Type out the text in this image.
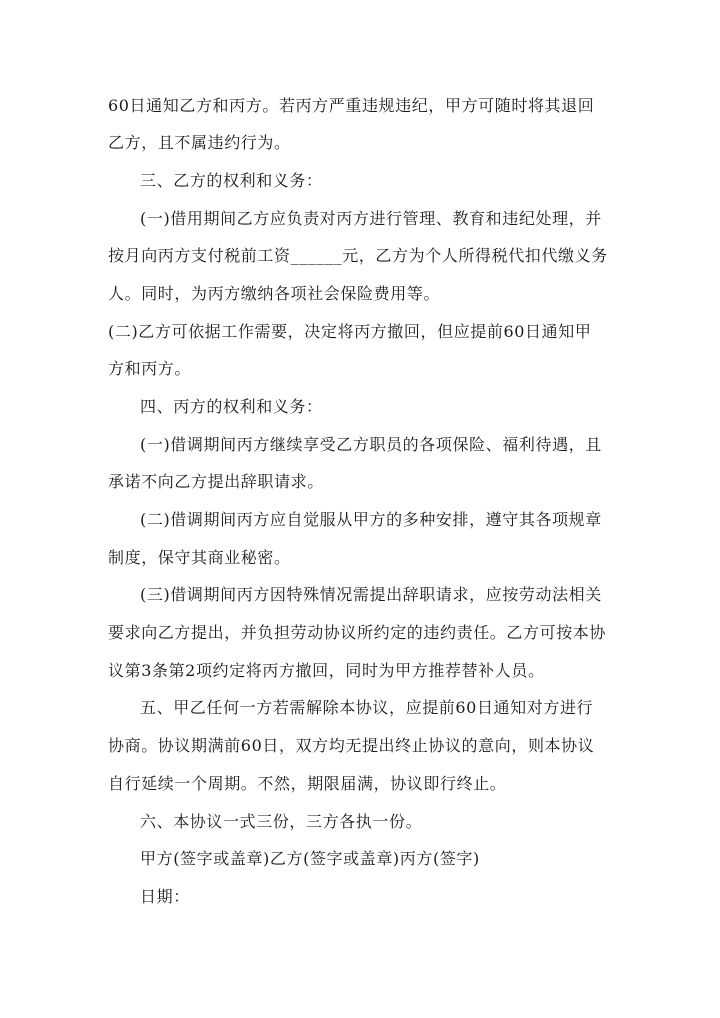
60日通知乙方和丙方。若丙方严重违规违纪，甲方可随时将其退回
乙方，且不属违约行为。
三、乙方的权利和义务：
(一)借用期间乙方应负责对丙方进行管理、教育和违纪处理，并
按月向丙方支付税前工资______元，乙方为个人所得税代扣代缴义务
人。同时，为丙方缴纳各项社会保险费用等。
(二)乙方可依据工作需要，决定将丙方撤回，但应提前60日通知甲
方和丙方。
四、丙方的权利和义务：
(一)借调期间丙方继续享受乙方职员的各项保险、福利待遇，且
承诺不向乙方提出辞职请求。
(二)借调期间丙方应自觉服从甲方的多种安排，遵守其各项规章
制度，保守其商业秘密。
(三)借调期间丙方因特殊情况需提出辞职请求，应按劳动法相关
要求向乙方提出，并负担劳动协议所约定的违约责任。乙方可按本协
议第3条第2项约定将丙方撤回，同时为甲方推荐替补人员。
五、甲乙任何一方若需解除本协议，应提前60日通知对方进行
协商。协议期满前60日，双方均无提出终止协议的意向，则本协议
自行延续一个周期。不然，期限届满，协议即行终止。
六、本协议一式三份，三方各执一份。
甲方(签字或盖章)乙方(签字或盖章)丙方(签字)
日期：
